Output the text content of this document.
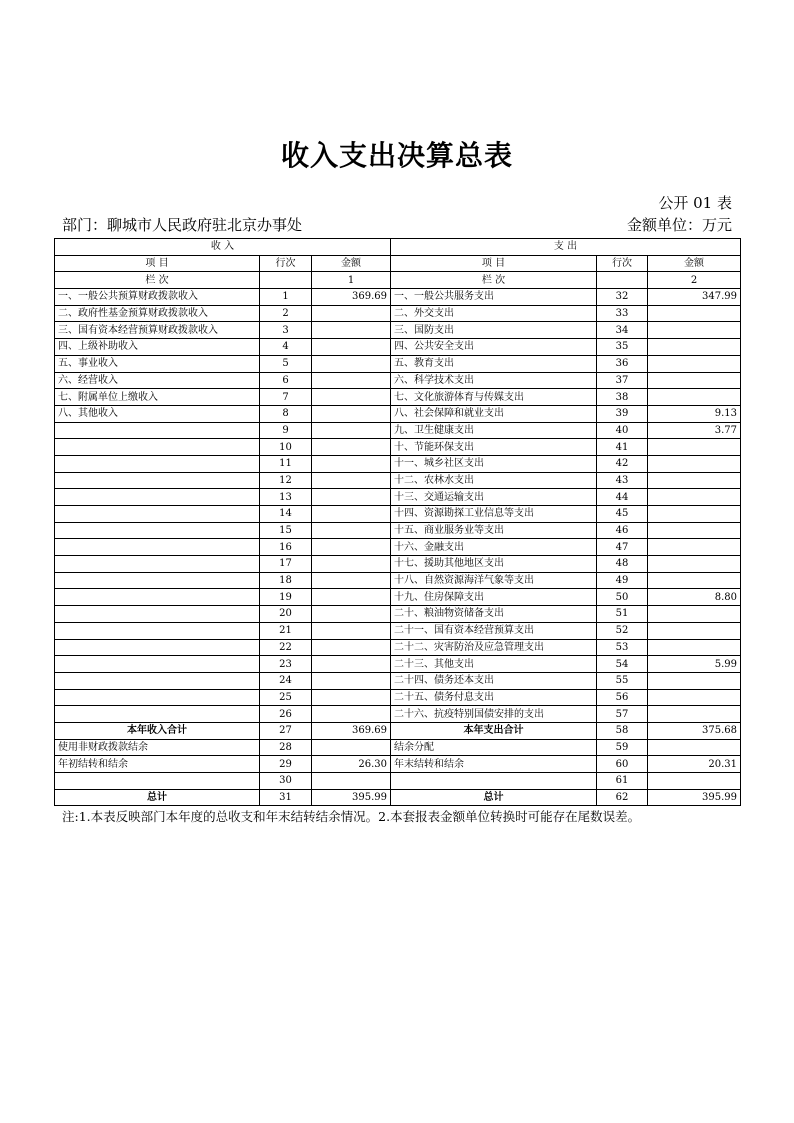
收入支出决算总表
公开 01 表
部门：聊城市人民政府驻北京办事处	金额单位：万元
收 入			支 出		
项 目	行次	金额	项 目	行次	金额
栏 次		1	栏 次		2
一、一般公共预算财政拨款收入	1	369.69	一、一般公共服务支出	32	347.99
二、政府性基金预算财政拨款收入	2		二、外交支出	33	
三、国有资本经营预算财政拨款收入	3		三、国防支出	34	
四、上级补助收入	4		四、公共安全支出	35	
五、事业收入	5		五、教育支出	36	
六、经营收入	6		六、科学技术支出	37	
七、附属单位上缴收入	7		七、文化旅游体育与传媒支出	38	
八、其他收入	8		八、社会保障和就业支出	39	9.13
	9		九、卫生健康支出	40	3.77
	10		十、节能环保支出	41	
	11		十一、城乡社区支出	42	
	12		十二、农林水支出	43	
	13		十三、交通运输支出	44	
	14		十四、资源勘探工业信息等支出	45	
	15		十五、商业服务业等支出	46	
	16		十六、金融支出	47	
	17		十七、援助其他地区支出	48	
	18		十八、自然资源海洋气象等支出	49	
	19		十九、住房保障支出	50	8.80
	20		二十、粮油物资储备支出	51	
	21		二十一、国有资本经营预算支出	52	
	22		二十二、灾害防治及应急管理支出	53	
	23		二十三、其他支出	54	5.99
	24		二十四、债务还本支出	55	
	25		二十五、债务付息支出	56	
	26		二十六、抗疫特别国债安排的支出	57	
本年收入合计	27	369.69	本年支出合计	58	375.68
使用非财政拨款结余	28		结余分配	59	
年初结转和结余	29	26.30	年末结转和结余	60	20.31
	30			61	
总计	31	395.99	总计	62	395.99
注:1.本表反映部门本年度的总收支和年末结转结余情况。2.本套报表金额单位转换时可能存在尾数误差。
